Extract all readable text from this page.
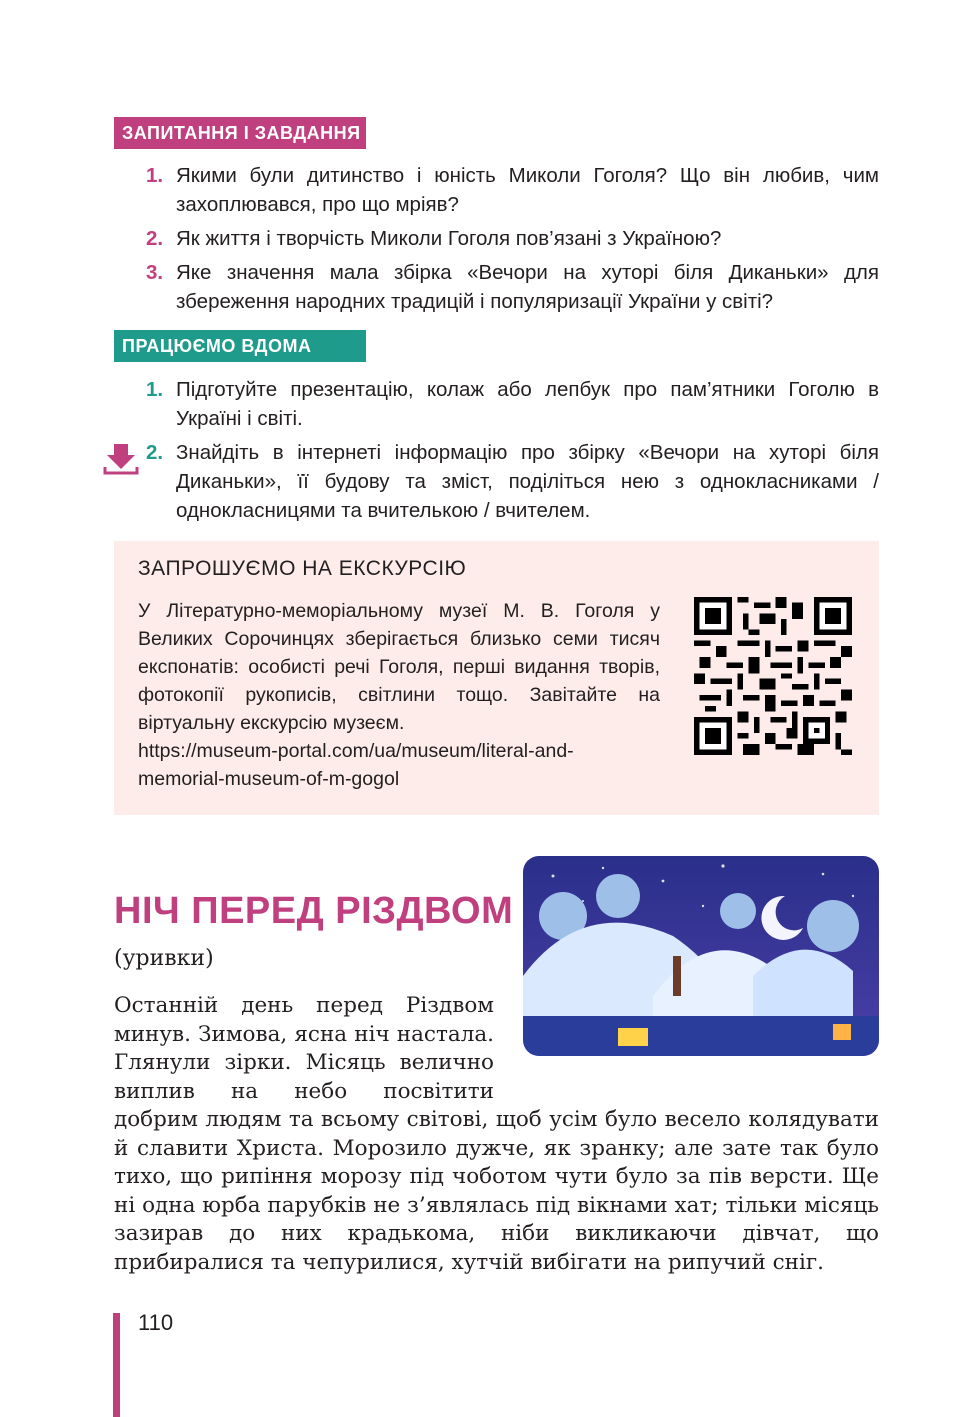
ЗАПИТАННЯ І ЗАВДАННЯ
1. Якими були дитинство і юність Миколи Гоголя? Що він любив, чим захоплювався, про що мріяв?
2. Як життя і творчість Миколи Гоголя пов’язані з Україною?
3. Яке значення мала збірка «Вечори на хуторі біля Диканьки» для збереження народних традицій і популяризації України у світі?
ПРАЦЮЄМО ВДОМА
1. Підготуйте презентацію, колаж або лепбук про пам’ятники Гоголю в Україні і світі.
2. Знайдіть в інтернеті інформацію про збірку «Вечори на хуторі біля Диканьки», її будову та зміст, поділіться нею з однокласниками / однокласницями та вчителькою / вчителем.
ЗАПРОШУЄМО НА ЕКСКУРСІЮ
У Літературно-меморіальному музеї М. В. Гоголя у Великих Сорочинцях зберігається близько семи тисяч експонатів: особисті речі Гоголя, перші видання творів, фотокопії рукописів, світлини тощо. Завітайте на віртуальну екскурсію музеєм.
https://museum-portal.com/ua/museum/literal-and-memorial-museum-of-m-gogol
НІЧ ПЕРЕД РІЗДВОМ
(уривки)
Останній день перед Різдвом минув. Зимова, ясна ніч настала. Глянули зірки. Місяць велично виплив на небо посвітити добрим людям та всьому світові, щоб усім було весело колядувати й славити Христа. Морозило дужче, як зранку; але зате так було тихо, що рипіння морозу під чоботом чути було за пів версти. Ще ні одна юрба парубків не з’являлась під вікнами хат; тільки місяць зазирав до них крадькома, ніби викликаючи дівчат, що прибиралися та чепурилися, хутчій вибігати на рипучий сніг.
110
